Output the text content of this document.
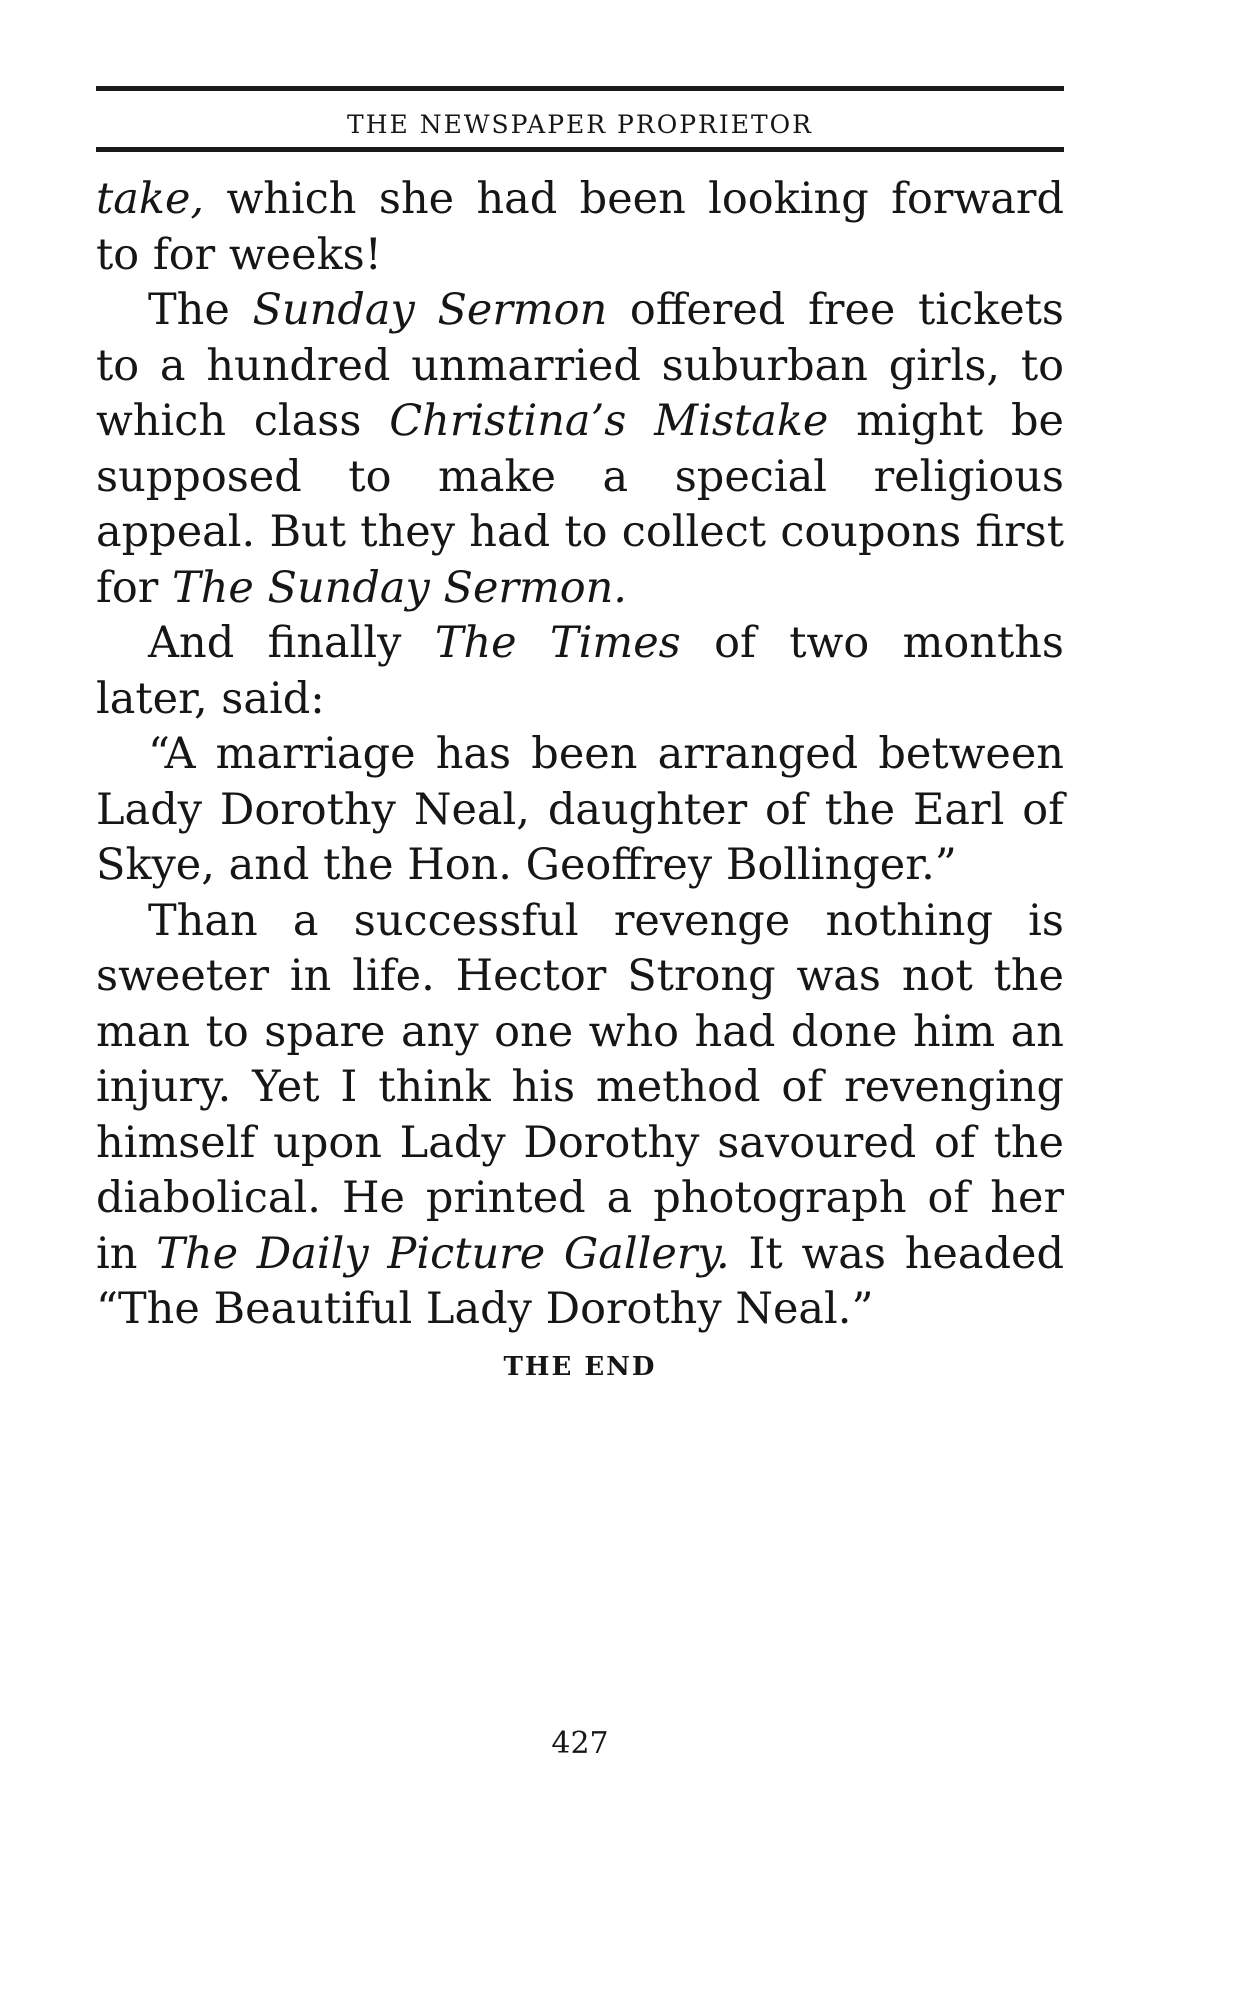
THE NEWSPAPER PROPRIETOR

take, which she had been looking forward to for weeks!

The Sunday Sermon offered free tickets to a hundred unmarried suburban girls, to which class Christina’s Mistake might be supposed to make a special religious appeal. But they had to collect coupons first for The Sunday Sermon.

And finally The Times of two months later, said:

“A marriage has been arranged between Lady Dorothy Neal, daughter of the Earl of Skye, and the Hon. Geoffrey Bollinger.”

Than a successful revenge nothing is sweeter in life. Hector Strong was not the man to spare any one who had done him an injury. Yet I think his method of revenging himself upon Lady Dorothy savoured of the diabolical. He printed a photograph of her in The Daily Picture Gallery. It was headed “The Beautiful Lady Dorothy Neal.”

THE END
427
